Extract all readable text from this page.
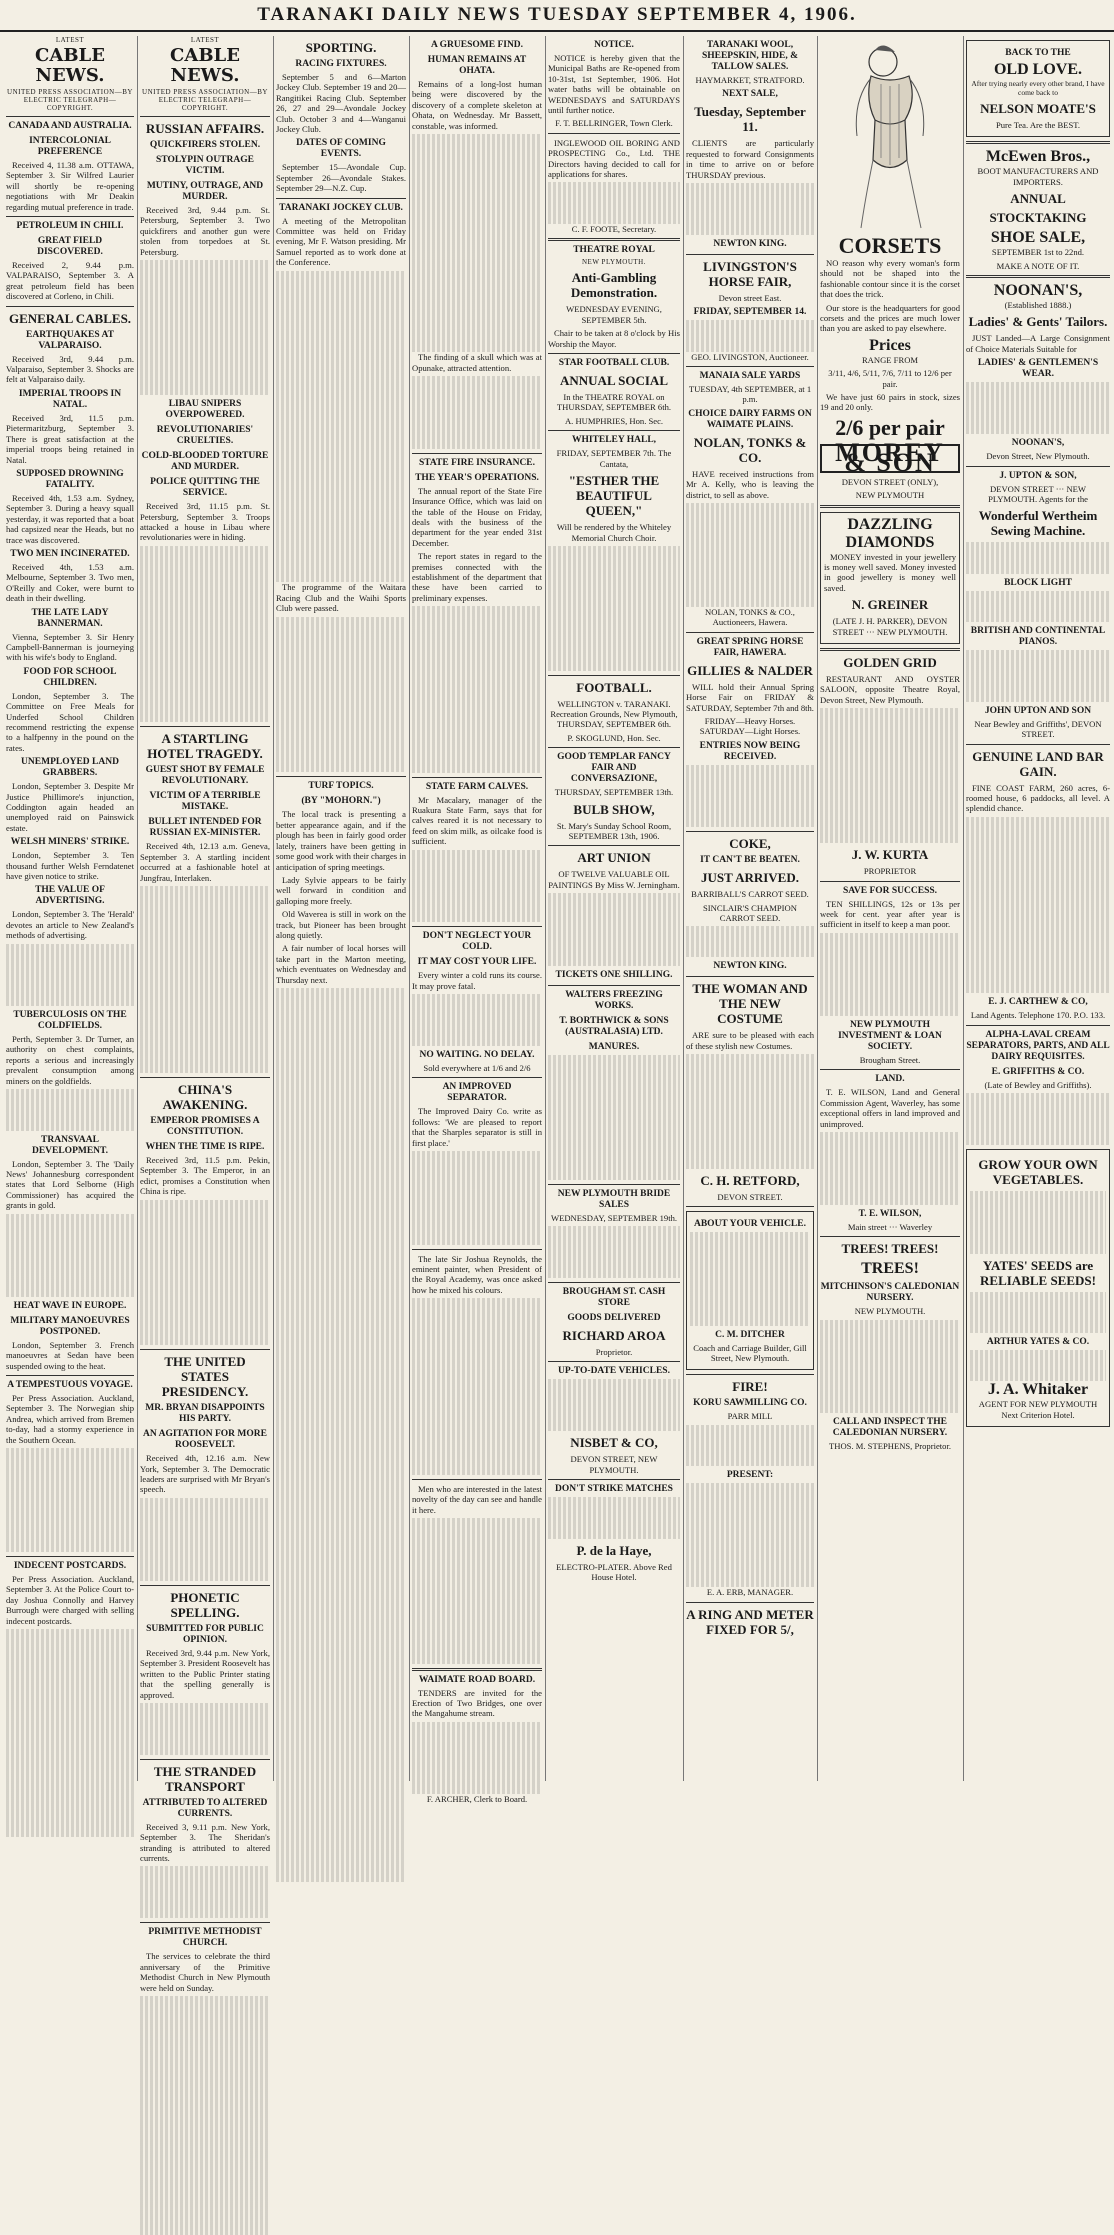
TARANAKI DAILY NEWS TUESDAY SEPTEMBER 4, 1906.
LATEST
CABLE NEWS.
UNITED PRESS ASSOCIATION—BY ELECTRIC TELEGRAPH—COPYRIGHT.
CANADA AND AUSTRALIA.
INTERCOLONIAL PREFERENCE

Received 4, 11.38 a.m. OTTAWA, September 3. Sir Wilfred Laurier will shortly be re-opening negotiations with Mr Deakin regarding mutual preference in trade.

PETROLEUM IN CHILI.
GREAT FIELD DISCOVERED.

Received 2, 9.44 p.m. VALPARAISO, September 3. A great petroleum field has been discovered at Corleno, in Chili.

GENERAL CABLES.
EARTHQUAKES AT VALPARAISO.

Received 3rd, 9.44 p.m. Valparaiso, September 3. Shocks are felt at Valparaiso daily.

IMPERIAL TROOPS IN NATAL.

Received 3rd, 11.5 p.m. Pietermaritzburg, September 3. There is great satisfaction at the imperial troops being retained in Natal.

SUPPOSED DROWNING FATALITY.

Received 4th, 1.53 a.m. Sydney, September 3. During a heavy squall yesterday, it was reported that a boat had capsized near the Heads, but no trace was discovered.

TWO MEN INCINERATED.

Received 4th, 1.53 a.m. Melbourne, September 3. Two men, O'Reilly and Coker, were burnt to death in their dwelling.

THE LATE LADY BANNERMAN.

Vienna, September 3. Sir Henry Campbell-Bannerman is journeying with his wife's body to England.

FOOD FOR SCHOOL CHILDREN.

London, September 3. The Committee on Free Meals for Underfed School Children recommend restricting the expense to a halfpenny in the pound on the rates.

UNEMPLOYED LAND GRABBERS.

London, September 3. Despite Mr Justice Phillimore's injunction, Coddington again headed an unemployed raid on Painswick estate.

WELSH MINERS' STRIKE.

London, September 3. Ten thousand further Welsh Ferndatenet have given notice to strike.

THE VALUE OF ADVERTISING.

London, September 3. The 'Herald' devotes an article to New Zealand's methods of advertising.

TUBERCULOSIS ON THE COLDFIELDS.

Perth, September 3. Dr Turner, an authority on chest complaints, reports a serious and increasingly prevalent consumption among miners on the goldfields.

TRANSVAAL DEVELOPMENT.

London, September 3. The 'Daily News' Johannesburg correspondent states that Lord Selborne (High Commissioner) has acquired the grants in gold.

HEAT WAVE IN EUROPE.
MILITARY MANOEUVRES POSTPONED.

London, September 3. French manoeuvres at Sedan have been suspended owing to the heat.

A TEMPESTUOUS VOYAGE.

Per Press Association. Auckland, September 3. The Norwegian ship Andrea, which arrived from Bremen to-day, had a stormy experience in the Southern Ocean.

INDECENT POSTCARDS.

Per Press Association. Auckland, September 3. At the Police Court to-day Joshua Connolly and Harvey Burrough were charged with selling indecent postcards.

LATEST
CABLE NEWS.
UNITED PRESS ASSOCIATION—BY ELECTRIC TELEGRAPH—COPYRIGHT.
RUSSIAN AFFAIRS.
QUICKFIRERS STOLEN.
STOLYPIN OUTRAGE VICTIM.
MUTINY, OUTRAGE, AND MURDER.

Received 3rd, 9.44 p.m. St. Petersburg, September 3. Two quickfirers and another gun were stolen from torpedoes at St. Petersburg.

LIBAU SNIPERS OVERPOWERED.
REVOLUTIONARIES' CRUELTIES.
COLD-BLOODED TORTURE AND MURDER.
POLICE QUITTING THE SERVICE.

Received 3rd, 11.15 p.m. St. Petersburg, September 3. Troops attacked a house in Libau where revolutionaries were in hiding.

A STARTLING HOTEL TRAGEDY.
GUEST SHOT BY FEMALE REVOLUTIONARY.
VICTIM OF A TERRIBLE MISTAKE.
BULLET INTENDED FOR RUSSIAN EX-MINISTER.

Received 4th, 12.13 a.m. Geneva, September 3. A startling incident occurred at a fashionable hotel at Jungfrau, Interlaken.

CHINA'S AWAKENING.
EMPEROR PROMISES A CONSTITUTION.
WHEN THE TIME IS RIPE.

Received 3rd, 11.5 p.m. Pekin, September 3. The Emperor, in an edict, promises a Constitution when China is ripe.

THE UNITED STATES PRESIDENCY.
MR. BRYAN DISAPPOINTS HIS PARTY.
AN AGITATION FOR MORE ROOSEVELT.

Received 4th, 12.16 a.m. New York, September 3. The Democratic leaders are surprised with Mr Bryan's speech.

PHONETIC SPELLING.
SUBMITTED FOR PUBLIC OPINION.

Received 3rd, 9.44 p.m. New York, September 3. President Roosevelt has written to the Public Printer stating that the spelling generally is approved.

THE STRANDED TRANSPORT
ATTRIBUTED TO ALTERED CURRENTS.

Received 3, 9.11 p.m. New York, September 3. The Sheridan's stranding is attributed to altered currents.

PRIMITIVE METHODIST CHURCH.

The services to celebrate the third anniversary of the Primitive Methodist Church in New Plymouth were held on Sunday.

SPORTING.
RACING FIXTURES.

September 5 and 6—Marton Jockey Club. September 19 and 20—Rangitikei Racing Club. September 26, 27 and 29—Avondale Jockey Club. October 3 and 4—Wanganui Jockey Club.

DATES OF COMING EVENTS.

September 15—Avondale Cup. September 26—Avondale Stakes. September 29—N.Z. Cup.

TARANAKI JOCKEY CLUB.

A meeting of the Metropolitan Committee was held on Friday evening, Mr F. Watson presiding. Mr Samuel reported as to work done at the Conference.

The programme of the Waitara Racing Club and the Waihi Sports Club were passed.

TURF TOPICS.
(BY "MOHORN.")

The local track is presenting a better appearance again, and if the plough has been in fairly good order lately, trainers have been getting in some good work with their charges in anticipation of spring meetings.

Lady Sylvie appears to be fairly well forward in condition and galloping more freely.

Old Waverea is still in work on the track, but Pioneer has been brought along quietly.

A fair number of local horses will take part in the Marton meeting, which eventuates on Wednesday and Thursday next.

A GRUESOME FIND.
HUMAN REMAINS AT OHATA.

Remains of a long-lost human being were discovered by the discovery of a complete skeleton at Ohata, on Wednesday. Mr Bassett, constable, was informed.

The finding of a skull which was at Opunake, attracted attention.

STATE FIRE INSURANCE.
THE YEAR'S OPERATIONS.

The annual report of the State Fire Insurance Office, which was laid on the table of the House on Friday, deals with the business of the department for the year ended 31st December.

The report states in regard to the premises connected with the establishment of the department that these have been carried to preliminary expenses.

STATE FARM CALVES.

Mr Macalary, manager of the Ruakura State Farm, says that for calves reared it is not necessary to feed on skim milk, as oilcake food is sufficient.

DON'T NEGLECT YOUR COLD.
IT MAY COST YOUR LIFE.

Every winter a cold runs its course. It may prove fatal.

NO WAITING. NO DELAY.

Sold everywhere at 1/6 and 2/6

AN IMPROVED SEPARATOR.

The Improved Dairy Co. write as follows: 'We are pleased to report that the Sharples separator is still in first place.'

The late Sir Joshua Reynolds, the eminent painter, when President of the Royal Academy, was once asked how he mixed his colours.

Men who are interested in the latest novelty of the day can see and handle it here.

WAIMATE ROAD BOARD.

TENDERS are invited for the Erection of Two Bridges, one over the Mangahume stream.

F. ARCHER, Clerk to Board.

NOTICE.

NOTICE is hereby given that the Municipal Baths are Re-opened from 10-31st, 1st September, 1906. Hot water baths will be obtainable on WEDNESDAYS and SATURDAYS until further notice.

F. T. BELLRINGER, Town Clerk.

INGLEWOOD OIL BORING AND PROSPECTING Co., Ltd. THE Directors having decided to call for applications for shares.

C. F. FOOTE, Secretary.

THEATRE ROYAL
NEW PLYMOUTH.
Anti-Gambling Demonstration.

WEDNESDAY EVENING, SEPTEMBER 5th.

Chair to be taken at 8 o'clock by His Worship the Mayor.

STAR FOOTBALL CLUB.
ANNUAL SOCIAL

In the THEATRE ROYAL on THURSDAY, SEPTEMBER 6th.

A. HUMPHRIES, Hon. Sec.

WHITELEY HALL,

FRIDAY, SEPTEMBER 7th. The Cantata,

"ESTHER THE BEAUTIFUL QUEEN,"

Will be rendered by the Whiteley Memorial Church Choir.

FOOTBALL.

WELLINGTON v. TARANAKI. Recreation Grounds, New Plymouth, THURSDAY, SEPTEMBER 6th.

P. SKOGLUND, Hon. Sec.

GOOD TEMPLAR FANCY FAIR AND CONVERSAZIONE,

THURSDAY, SEPTEMBER 13th.

BULB SHOW,

St. Mary's Sunday School Room, SEPTEMBER 13th, 1906.

ART UNION

OF TWELVE VALUABLE OIL PAINTINGS By Miss W. Jerningham.

TICKETS ONE SHILLING.
WALTERS FREEZING WORKS.
T. BORTHWICK & SONS (AUSTRALASIA) LTD.
MANURES.
NEW PLYMOUTH BRIDE SALES

WEDNESDAY, SEPTEMBER 19th.

BROUGHAM ST. CASH STORE
GOODS DELIVERED
RICHARD AROA

Proprietor.

UP-TO-DATE VEHICLES.
NISBET & CO,

DEVON STREET, NEW PLYMOUTH.

DON'T STRIKE MATCHES
P. de la Haye,

ELECTRO-PLATER. Above Red House Hotel.

TARANAKI WOOL, SHEEPSKIN, HIDE, & TALLOW SALES.

HAYMARKET, STRATFORD.

NEXT SALE,
Tuesday, September 11.

CLIENTS are particularly requested to forward Consignments in time to arrive on or before THURSDAY previous.

NEWTON KING.
LIVINGSTON'S HORSE FAIR,

Devon street East.

FRIDAY, SEPTEMBER 14.

GEO. LIVINGSTON, Auctioneer.

MANAIA SALE YARDS

TUESDAY, 4th SEPTEMBER, at 1 p.m.

CHOICE DAIRY FARMS ON WAIMATE PLAINS.
NOLAN, TONKS & CO.

HAVE received instructions from Mr A. Kelly, who is leaving the district, to sell as above.

NOLAN, TONKS & CO., Auctioneers, Hawera.

GREAT SPRING HORSE FAIR, HAWERA.
GILLIES & NALDER

WILL hold their Annual Spring Horse Fair on FRIDAY & SATURDAY, September 7th and 8th.

FRIDAY—Heavy Horses. SATURDAY—Light Horses.

ENTRIES NOW BEING RECEIVED.
COKE,
IT CAN'T BE BEATEN.
JUST ARRIVED.

BARRIBALL'S CARROT SEED.

SINCLAIR'S CHAMPION CARROT SEED.

NEWTON KING.
THE WOMAN AND THE NEW COSTUME

ARE sure to be pleased with each of these stylish new Costumes.

C. H. RETFORD,

DEVON STREET.

ABOUT YOUR VEHICLE.
C. M. DITCHER

Coach and Carriage Builder, Gill Street, New Plymouth.

FIRE!
KORU SAWMILLING CO.

PARR MILL

PRESENT:

E. A. ERB, MANAGER.

A RING AND METER FIXED FOR 5/,
CORSETS

NO reason why every woman's form should not be shaped into the fashionable contour since it is the corset that does the trick.

Our store is the headquarters for good corsets and the prices are much lower than you are asked to pay elsewhere.

Prices

RANGE FROM

3/11, 4/6, 5/11, 7/6, 7/11 to 12/6 per pair.

We have just 60 pairs in stock, sizes 19 and 20 only.

2/6 per pair
MOREY & SON

DEVON STREET (ONLY),

NEW PLYMOUTH

DAZZLING DIAMONDS

MONEY invested in your jewellery is money well saved. Money invested in good jewellery is money well saved.

N. GREINER

(LATE J. H. PARKER), DEVON STREET ··· NEW PLYMOUTH.

GOLDEN GRID

RESTAURANT AND OYSTER SALOON, opposite Theatre Royal, Devon Street, New Plymouth.

J. W. KURTA

PROPRIETOR

SAVE FOR SUCCESS.

TEN SHILLINGS, 12s or 13s per week for cent. year after year is sufficient in itself to keep a man poor.

NEW PLYMOUTH INVESTMENT & LOAN SOCIETY.

Brougham Street.

LAND.

T. E. WILSON, Land and General Commission Agent, Waverley, has some exceptional offers in land improved and unimproved.

T. E. WILSON,

Main street ··· Waverley

TREES! TREES!
TREES!
MITCHINSON'S CALEDONIAN NURSERY.

NEW PLYMOUTH.

CALL AND INSPECT THE CALEDONIAN NURSERY.

THOS. M. STEPHENS, Proprietor.

BACK TO THE
OLD LOVE.

After trying nearly every other brand, I have come back to

NELSON MOATE'S

Pure Tea. Are the BEST.

McEwen Bros.,

BOOT MANUFACTURERS AND IMPORTERS.

ANNUAL
STOCKTAKING
SHOE SALE,

SEPTEMBER 1st to 22nd.

MAKE A NOTE OF IT.

NOONAN'S,

(Established 1888.)

Ladies' & Gents' Tailors.

JUST Landed—A Large Consignment of Choice Materials Suitable for

LADIES' & GENTLEMEN'S WEAR.
NOONAN'S,

Devon Street, New Plymouth.

J. UPTON & SON,

DEVON STREET ··· NEW PLYMOUTH. Agents for the

Wonderful Wertheim Sewing Machine.
BLOCK LIGHT
BRITISH AND CONTINENTAL PIANOS.
JOHN UPTON AND SON

Near Bewley and Griffiths', DEVON STREET.

GENUINE LAND BAR GAIN.

FINE COAST FARM, 260 acres, 6-roomed house, 6 paddocks, all level. A splendid chance.

E. J. CARTHEW & CO,

Land Agents. Telephone 170. P.O. 133.

ALPHA-LAVAL CREAM SEPARATORS, PARTS, AND ALL DAIRY REQUISITES.
E. GRIFFITHS & CO.

(Late of Bewley and Griffiths).

GROW YOUR OWN VEGETABLES.
YATES' SEEDS are RELIABLE SEEDS!
ARTHUR YATES & CO.
J. A. Whitaker

AGENT FOR NEW PLYMOUTH Next Criterion Hotel.
